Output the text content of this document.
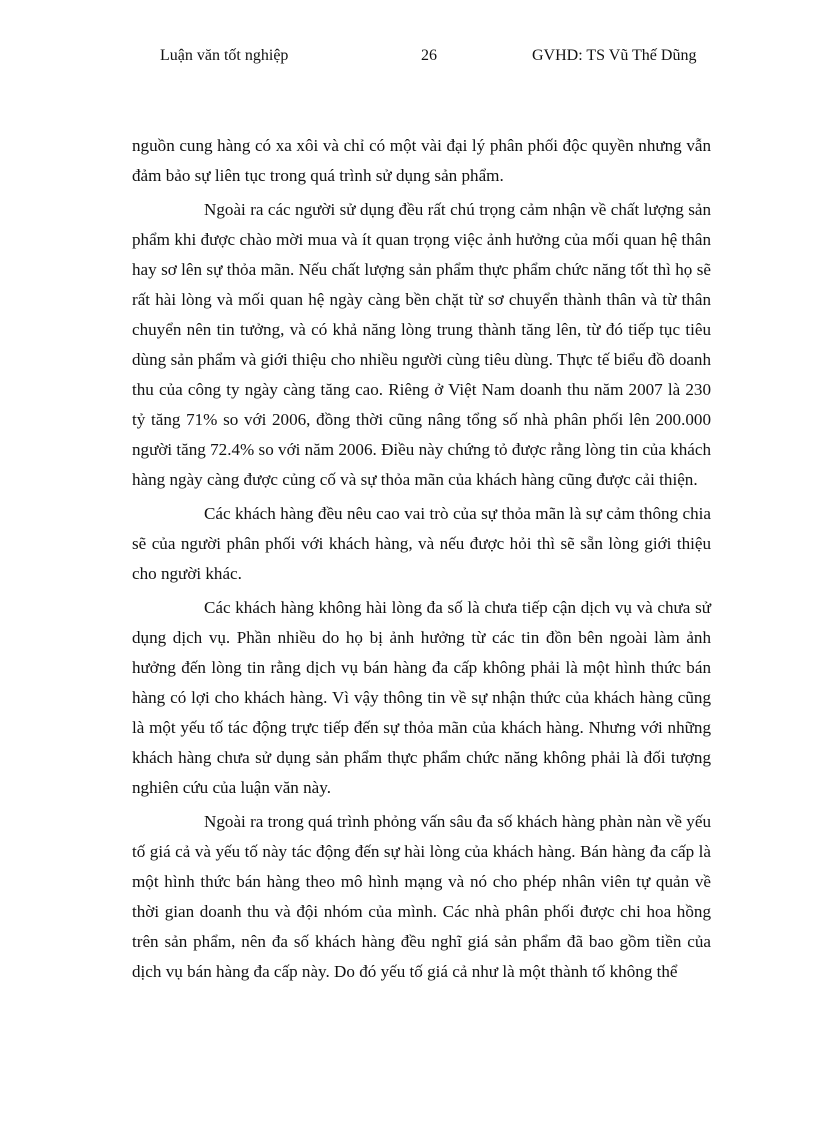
Luận văn tốt nghiệp	26	GVHD: TS Vũ Thế Dũng

nguồn cung hàng có xa xôi và chỉ có một vài đại lý phân phối độc quyền nhưng vẫn đảm bảo sự liên tục trong quá trình sử dụng sản phẩm.

Ngoài ra các người sử dụng đều rất chú trọng cảm nhận về chất lượng sản phẩm khi được chào mời mua và ít quan trọng việc ảnh hưởng của mối quan hệ thân hay sơ lên sự thỏa mãn. Nếu chất lượng sản phẩm thực phẩm chức năng tốt thì họ sẽ rất hài lòng và mối quan hệ ngày càng bền chặt từ sơ chuyển thành thân và từ thân chuyển nên tin tưởng, và có khả năng lòng trung thành tăng lên, từ đó tiếp tục tiêu dùng sản phẩm và giới thiệu cho nhiều người cùng tiêu dùng. Thực tế biểu đồ doanh thu của công ty ngày càng tăng cao. Riêng ở Việt Nam doanh thu năm 2007 là 230 tỷ tăng 71% so với 2006, đồng thời cũng nâng tổng số nhà phân phối lên 200.000 người tăng 72.4% so với năm 2006. Điều này chứng tỏ được rằng lòng tin của khách hàng ngày càng được củng cố và sự thỏa mãn của khách hàng cũng được cải thiện.

Các khách hàng đều nêu cao vai trò của sự thỏa mãn là sự cảm thông chia sẽ của người phân phối với khách hàng, và nếu được hỏi thì sẽ sẵn lòng giới thiệu cho người khác.

Các khách hàng không hài lòng đa số là chưa tiếp cận dịch vụ và chưa sử dụng dịch vụ. Phần nhiều do họ bị ảnh hưởng từ các tin đồn bên ngoài làm ảnh hưởng đến lòng tin rằng dịch vụ bán hàng đa cấp không phải là một hình thức bán hàng có lợi cho khách hàng. Vì vậy thông tin về sự nhận thức của khách hàng cũng là một yếu tố tác động trực tiếp đến sự thỏa mãn của khách hàng. Nhưng với những khách hàng chưa sử dụng sản phẩm thực phẩm chức năng không phải là đối tượng nghiên cứu của luận văn này.

Ngoài ra trong quá trình phỏng vấn sâu đa số khách hàng phàn nàn về yếu tố giá cả và yếu tố này tác động đến sự hài lòng của khách hàng. Bán hàng đa cấp là một hình thức bán hàng theo mô hình mạng và nó cho phép nhân viên tự quản về thời gian doanh thu và đội nhóm của mình. Các nhà phân phối được chi hoa hồng trên sản phẩm, nên đa số khách hàng đều nghĩ giá sản phẩm đã bao gồm tiền của dịch vụ bán hàng đa cấp này. Do đó yếu tố giá cả như là một thành tố không thể
